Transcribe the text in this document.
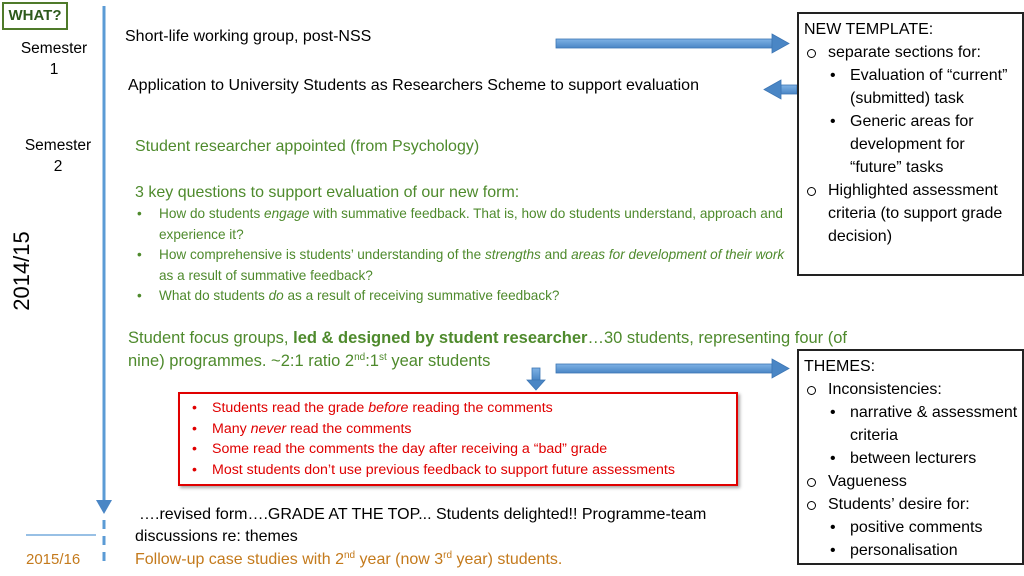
WHAT?
Semester
1
Semester
2
2014/15
2015/16
Short-life working group, post-NSS
Application to University Students as Researchers Scheme to support evaluation
Student researcher appointed (from Psychology)
3 key questions to support evaluation of our new form:
• How do students engage with summative feedback. That is, how do students understand, approach and experience it?
• How comprehensive is students’ understanding of the strengths and areas for development of their work as a result of summative feedback?
• What do students do as a result of receiving summative feedback?
Student focus groups, led & designed by student researcher…30 students, representing four (of nine) programmes. ~2:1 ratio 2nd:1st year students
• Students read the grade before reading the comments
• Many never read the comments
• Some read the comments the day after receiving a “bad” grade
• Most students don’t use previous feedback to support future assessments
….revised form….GRADE AT THE TOP... Students delighted!! Programme-team discussions re: themes
Follow-up case studies with 2nd year (now 3rd year) students.
NEW TEMPLATE:
separate sections for:
• Evaluation of “current” (submitted) task
• Generic areas for development for “future” tasks
Highlighted assessment criteria (to support grade decision)
THEMES:
Inconsistencies:
• narrative & assessment criteria
• between lecturers
Vagueness
Students’ desire for:
• positive comments
• personalisation
